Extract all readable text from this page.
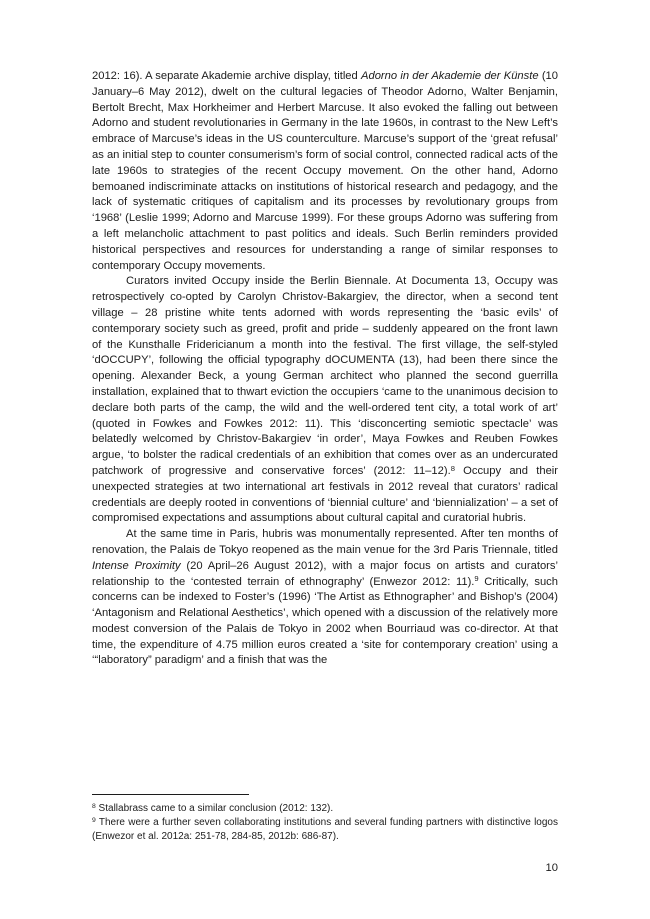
2012: 16). A separate Akademie archive display, titled Adorno in der Akademie der Künste (10 January–6 May 2012), dwelt on the cultural legacies of Theodor Adorno, Walter Benjamin, Bertolt Brecht, Max Horkheimer and Herbert Marcuse. It also evoked the falling out between Adorno and student revolutionaries in Germany in the late 1960s, in contrast to the New Left’s embrace of Marcuse’s ideas in the US counterculture. Marcuse’s support of the ‘great refusal’ as an initial step to counter consumerism’s form of social control, connected radical acts of the late 1960s to strategies of the recent Occupy movement. On the other hand, Adorno bemoaned indiscriminate attacks on institutions of historical research and pedagogy, and the lack of systematic critiques of capitalism and its processes by revolutionary groups from ‘1968’ (Leslie 1999; Adorno and Marcuse 1999). For these groups Adorno was suffering from a left melancholic attachment to past politics and ideals. Such Berlin reminders provided historical perspectives and resources for understanding a range of similar responses to contemporary Occupy movements.

Curators invited Occupy inside the Berlin Biennale. At Documenta 13, Occupy was retrospectively co-opted by Carolyn Christov-Bakargiev, the director, when a second tent village – 28 pristine white tents adorned with words representing the ‘basic evils’ of contemporary society such as greed, profit and pride – suddenly appeared on the front lawn of the Kunsthalle Fridericianum a month into the festival. The first village, the self-styled ‘dOCCUPY’, following the official typography dOCUMENTA (13), had been there since the opening. Alexander Beck, a young German architect who planned the second guerrilla installation, explained that to thwart eviction the occupiers ‘came to the unanimous decision to declare both parts of the camp, the wild and the well-ordered tent city, a total work of art’ (quoted in Fowkes and Fowkes 2012: 11). This ‘disconcerting semiotic spectacle’ was belatedly welcomed by Christov-Bakargiev ‘in order’, Maya Fowkes and Reuben Fowkes argue, ‘to bolster the radical credentials of an exhibition that comes over as an undercurated patchwork of progressive and conservative forces’ (2012: 11–12).$^8$ Occupy and their unexpected strategies at two international art festivals in 2012 reveal that curators’ radical credentials are deeply rooted in conventions of ‘biennial culture’ and ‘biennialization’ – a set of compromised expectations and assumptions about cultural capital and curatorial hubris.

At the same time in Paris, hubris was monumentally represented. After ten months of renovation, the Palais de Tokyo reopened as the main venue for the 3rd Paris Triennale, titled Intense Proximity (20 April–26 August 2012), with a major focus on artists and curators’ relationship to the ‘contested terrain of ethnography’ (Enwezor 2012: 11).$^9$ Critically, such concerns can be indexed to Foster’s (1996) ‘The Artist as Ethnographer’ and Bishop’s (2004) ‘Antagonism and Relational Aesthetics’, which opened with a discussion of the relatively more modest conversion of the Palais de Tokyo in 2002 when Bourriaud was co-director. At that time, the expenditure of 4.75 million euros created a ‘site for contemporary creation’ using a ‘“laboratory” paradigm’ and a finish that was the

$^8$ Stallabrass came to a similar conclusion (2012: 132).

$^9$ There were a further seven collaborating institutions and several funding partners with distinctive logos (Enwezor et al. 2012a: 251-78, 284-85, 2012b: 686-87).

10
